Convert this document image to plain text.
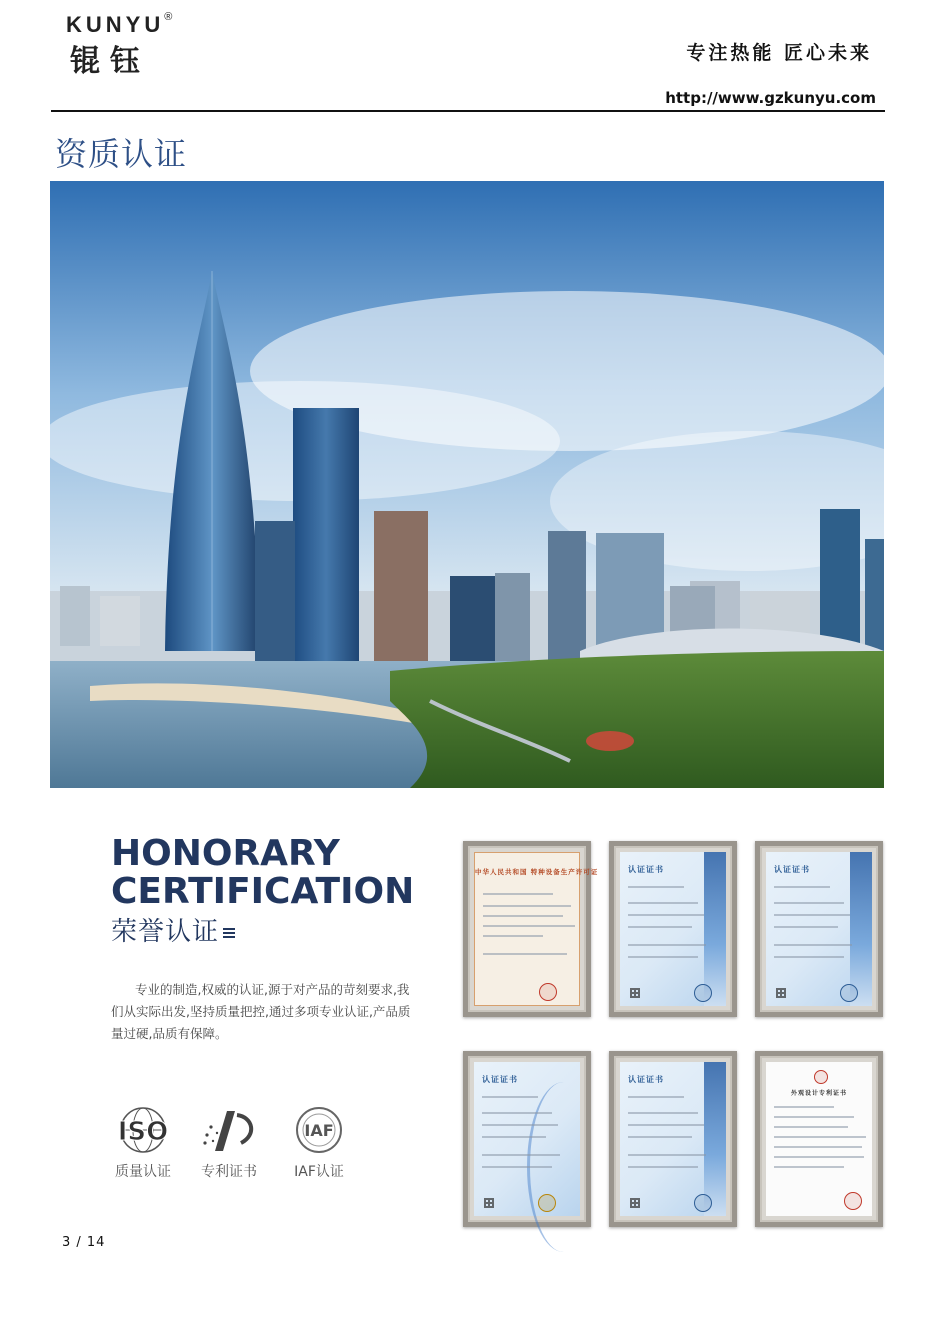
KUNYU®
锟钰	专注热能 匠心未来
http://www.gzkunyu.com
资质认证
HONORARY
CERTIFICATION
荣誉认证
专业的制造,权威的认证,源于对产品的苛刻要求,我们从实际出发,坚持质量把控,通过多项专业认证,产品质量过硬,品质有保障。
ISO
质量认证	专利证书
IAF
IAF认证
中华人民共和国 特种设备生产许可证	认证证书	认证证书
认证证书	认证证书
外观设计专利证书
3 / 14
